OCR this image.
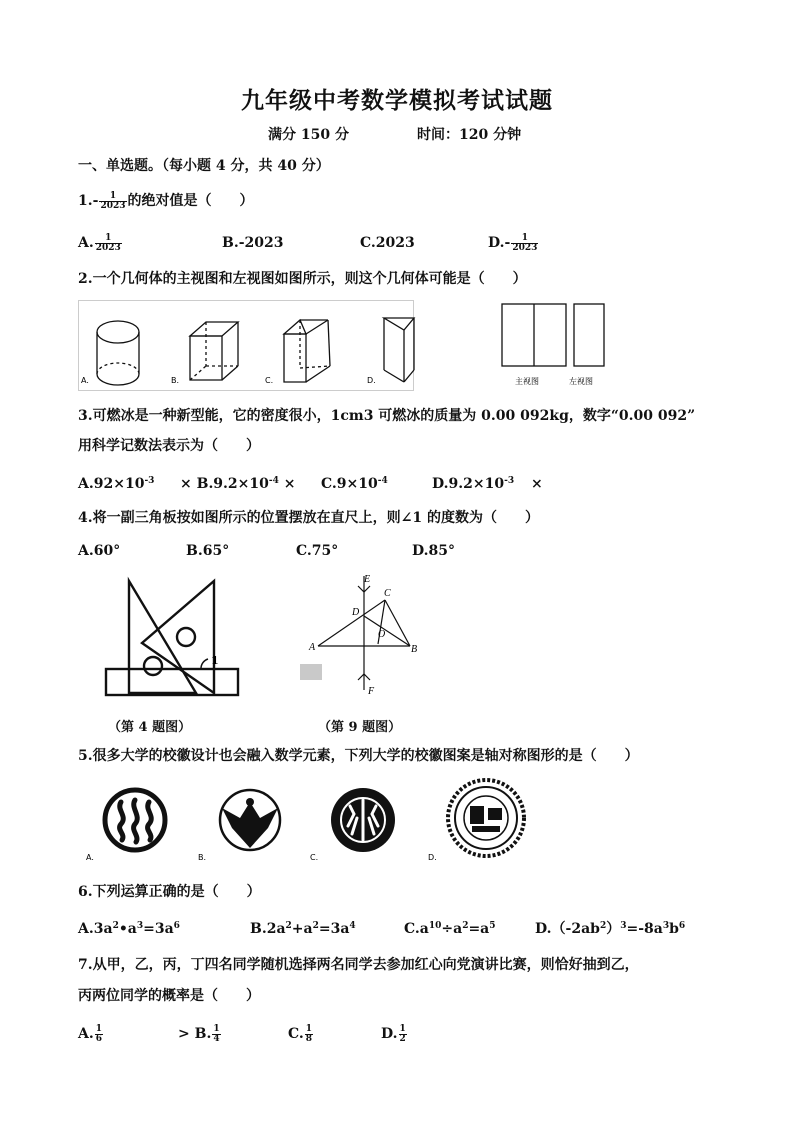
九年级中考数学模拟考试试题
满分 150 分	时间：120 分钟
一、单选题。（每小题 4 分，共 40 分）
$1.- \frac{1}{2023}$ 的绝对值是（　　）
A. $\frac{1}{2023}$	B.-2023	C.2023	$D.- \frac{1}{2023}$
2.一个几何体的主视图和左视图如图所示，则这个几何体可能是（　　）
A.	B.	C.	D.	主视图	左视图
3.可燃冰是一种新型能，它的密度很小，1cm3 可燃冰的质量为 0.00 092kg，数字“0.00 092”
用科学记数法表示为（　　）
$A.92\times 10^{-3} \times B.9.2\times 10^{-4} \times C.9\times 10^{-4}$	$D.9.2\times 10^{-3}$ ×
4.将一副三角板按如图所示的位置摆放在直尺上，则∠1 的度数为（　　）
A.60°	B.65°	C.75°	D.85°
1
E
D
C
O
A	B
F
（第 4 题图）	（第 9 题图）
5.很多大学的校徽设计也会融入数学元素，下列大学的校徽图案是轴对称图形的是（　　）
A.	B.	C.	D.
6.下列运算正确的是（　　）
$A.3a^2•a^3=3a^6$	$B.2a^2+a^2=3a^4$	$C.a^{10}\div a^2=a^5$	$D.(-2ab^2)^3=-8a^3b^6$
7.从甲，乙，丙，丁四名同学随机选择两名同学去参加红心向党演讲比赛，则恰好抽到乙，
丙两位同学的概率是（　　）
A. $\frac{1}{6}$	> B. $\frac{1}{4}$	C. $\frac{1}{8}$	D. $\frac{1}{2}$
